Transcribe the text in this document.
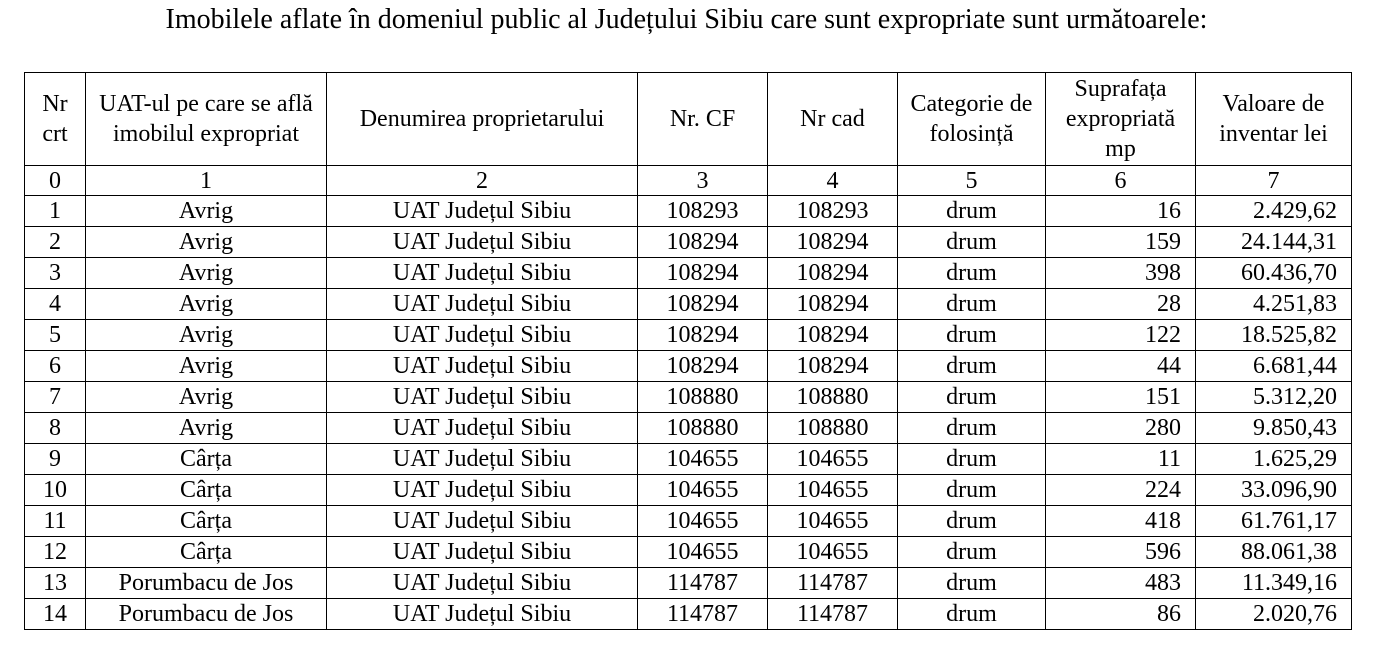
Imobilele aflate în domeniul public al Județului Sibiu care sunt expropriate sunt următoarele:
Nr crt	UAT-ul pe care se află imobilul expropriat	Denumirea proprietarului	Nr. CF	Nr cad	Categorie de folosință	Suprafața expropriată mp	Valoare de inventar lei
0	1	2	3	4	5	6	7
1	Avrig	UAT Județul Sibiu	108293	108293	drum	16	2.429,62
2	Avrig	UAT Județul Sibiu	108294	108294	drum	159	24.144,31
3	Avrig	UAT Județul Sibiu	108294	108294	drum	398	60.436,70
4	Avrig	UAT Județul Sibiu	108294	108294	drum	28	4.251,83
5	Avrig	UAT Județul Sibiu	108294	108294	drum	122	18.525,82
6	Avrig	UAT Județul Sibiu	108294	108294	drum	44	6.681,44
7	Avrig	UAT Județul Sibiu	108880	108880	drum	151	5.312,20
8	Avrig	UAT Județul Sibiu	108880	108880	drum	280	9.850,43
9	Cârța	UAT Județul Sibiu	104655	104655	drum	11	1.625,29
10	Cârța	UAT Județul Sibiu	104655	104655	drum	224	33.096,90
11	Cârța	UAT Județul Sibiu	104655	104655	drum	418	61.761,17
12	Cârța	UAT Județul Sibiu	104655	104655	drum	596	88.061,38
13	Porumbacu de Jos	UAT Județul Sibiu	114787	114787	drum	483	11.349,16
14	Porumbacu de Jos	UAT Județul Sibiu	114787	114787	drum	86	2.020,76
